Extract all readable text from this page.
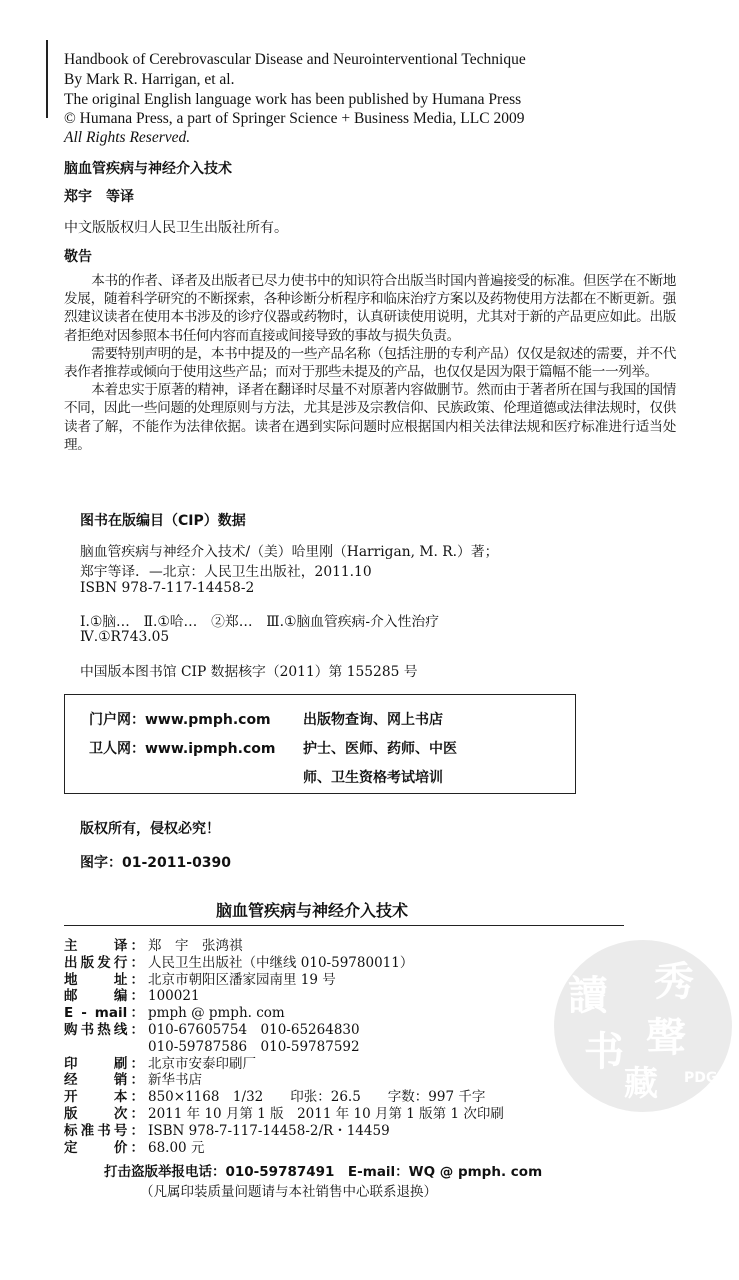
Handbook of Cerebrovascular Disease and Neurointerventional Technique
By Mark R. Harrigan, et al.
The original English language work has been published by Humana Press
© Humana Press, a part of Springer Science + Business Media, LLC 2009
All Rights Reserved.
脑血管疾病与神经介入技术
郑宇　等译
中文版版权归人民卫生出版社所有。
敬告

本书的作者、译者及出版者已尽力使书中的知识符合出版当时国内普遍接受的标准。但医学在不断地发展，随着科学研究的不断探索，各种诊断分析程序和临床治疗方案以及药物使用方法都在不断更新。强烈建议读者在使用本书涉及的诊疗仪器或药物时，认真研读使用说明，尤其对于新的产品更应如此。出版者拒绝对因参照本书任何内容而直接或间接导致的事故与损失负责。

需要特别声明的是，本书中提及的一些产品名称（包括注册的专利产品）仅仅是叙述的需要，并不代表作者推荐或倾向于使用这些产品；而对于那些未提及的产品，也仅仅是因为限于篇幅不能一一列举。

本着忠实于原著的精神，译者在翻译时尽量不对原著内容做删节。然而由于著者所在国与我国的国情不同，因此一些问题的处理原则与方法，尤其是涉及宗教信仰、民族政策、伦理道德或法律法规时，仅供读者了解，不能作为法律依据。读者在遇到实际问题时应根据国内相关法律法规和医疗标准进行适当处理。

图书在版编目（CIP）数据
脑血管疾病与神经介入技术/（美）哈里刚（Harrigan, M. R.）著；
郑宇等译．—北京：人民卫生出版社，2011.10
ISBN 978-7-117-14458-2
Ⅰ.①脑…　Ⅱ.①哈…　②郑…　Ⅲ.①脑血管疾病-介入性治疗
Ⅳ.①R743.05
中国版本图书馆 CIP 数据核字（2011）第 155285 号
门户网：www.pmph.com 出版物查询、网上书店
卫人网：www.ipmph.com 护士、医师、药师、中医
师、卫生资格考试培训
版权所有，侵权必究！
图字：01-2011-0390
脑血管疾病与神经介入技术
讀 秀
书 聲
藏 PDG
主　　译： 郑　宇　张鸿祺
出版发行： 人民卫生出版社（中继线 010-59780011）
地　　址： 北京市朝阳区潘家园南里 19 号
邮　　编： 100021
E - mail： pmph @ pmph. com
购书热线： 010-67605754　010-65264830
010-59787586　010-59787592
印　　刷： 北京市安泰印刷厂
经　　销： 新华书店
开　　本： 850×1168　1/32　　印张：26.5　　字数：997 千字
版　　次： 2011 年 10 月第 1 版　2011 年 10 月第 1 版第 1 次印刷
标准书号： ISBN 978-7-117-14458-2/R・14459
定　　价： 68.00 元
打击盗版举报电话：010-59787491　E-mail：WQ @ pmph. com
（凡属印装质量问题请与本社销售中心联系退换）
